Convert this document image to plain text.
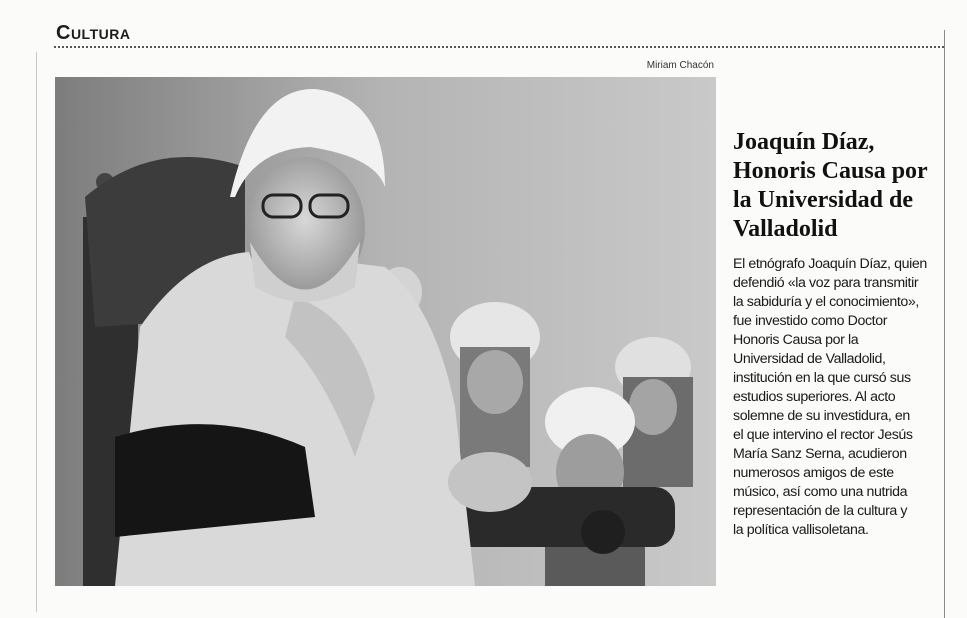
Cultura
Miriam Chacón
Joaquín Díaz,
Honoris Causa por
la Universidad de
Valladolid
El etnógrafo Joaquín Díaz, quien
defendió «la voz para transmitir
la sabiduría y el conocimiento»,
fue investido como Doctor
Honoris Causa por la
Universidad de Valladolid,
institución en la que cursó sus
estudios superiores. Al acto
solemne de su investidura, en
el que intervino el rector Jesús
María Sanz Serna, acudieron
numerosos amigos de este
músico, así como una nutrida
representación de la cultura y
la política vallisoletana.
